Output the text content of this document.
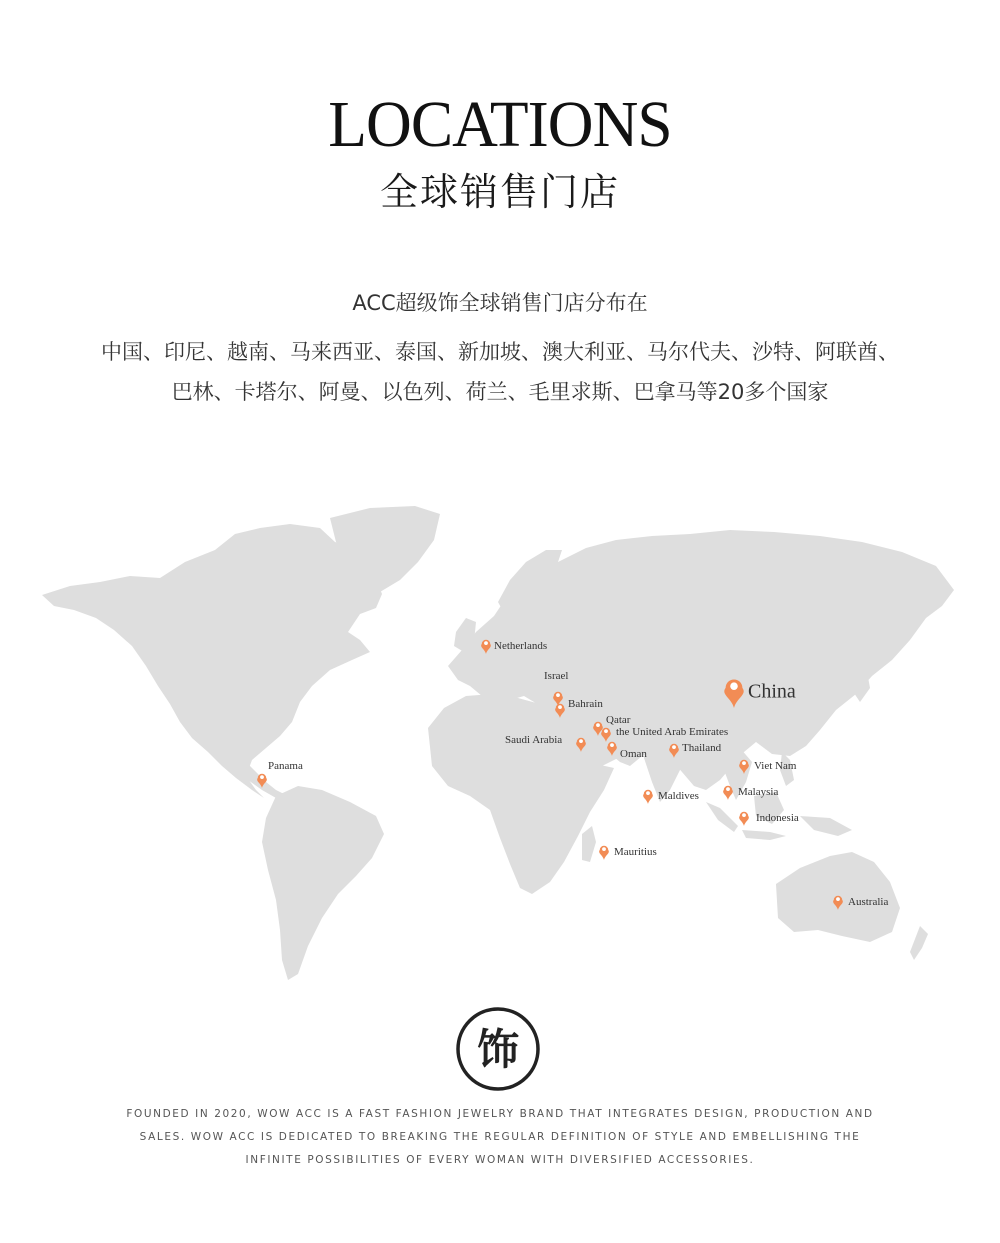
LOCATIONS
全球销售门店
ACC超级饰全球销售门店分布在
中国、印尼、越南、马来西亚、泰国、新加坡、澳大利亚、马尔代夫、沙特、阿联酋、
巴林、卡塔尔、阿曼、以色列、荷兰、毛里求斯、巴拿马等20多个国家
Netherlands
Israel
Bahrain
Qatar
the United Arab Emirates
Saudi Arabia
Oman	Thailand
China
Panama	Viet Nam
Malaysia
Maldives
Indonesia
Mauritius
Australia
饰
FOUNDED IN 2020, WOW ACC IS A FAST FASHION JEWELRY BRAND THAT INTEGRATES DESIGN, PRODUCTION AND
SALES. WOW ACC IS DEDICATED TO BREAKING THE REGULAR DEFINITION OF STYLE AND EMBELLISHING THE
INFINITE POSSIBILITIES OF EVERY WOMAN WITH DIVERSIFIED ACCESSORIES.
